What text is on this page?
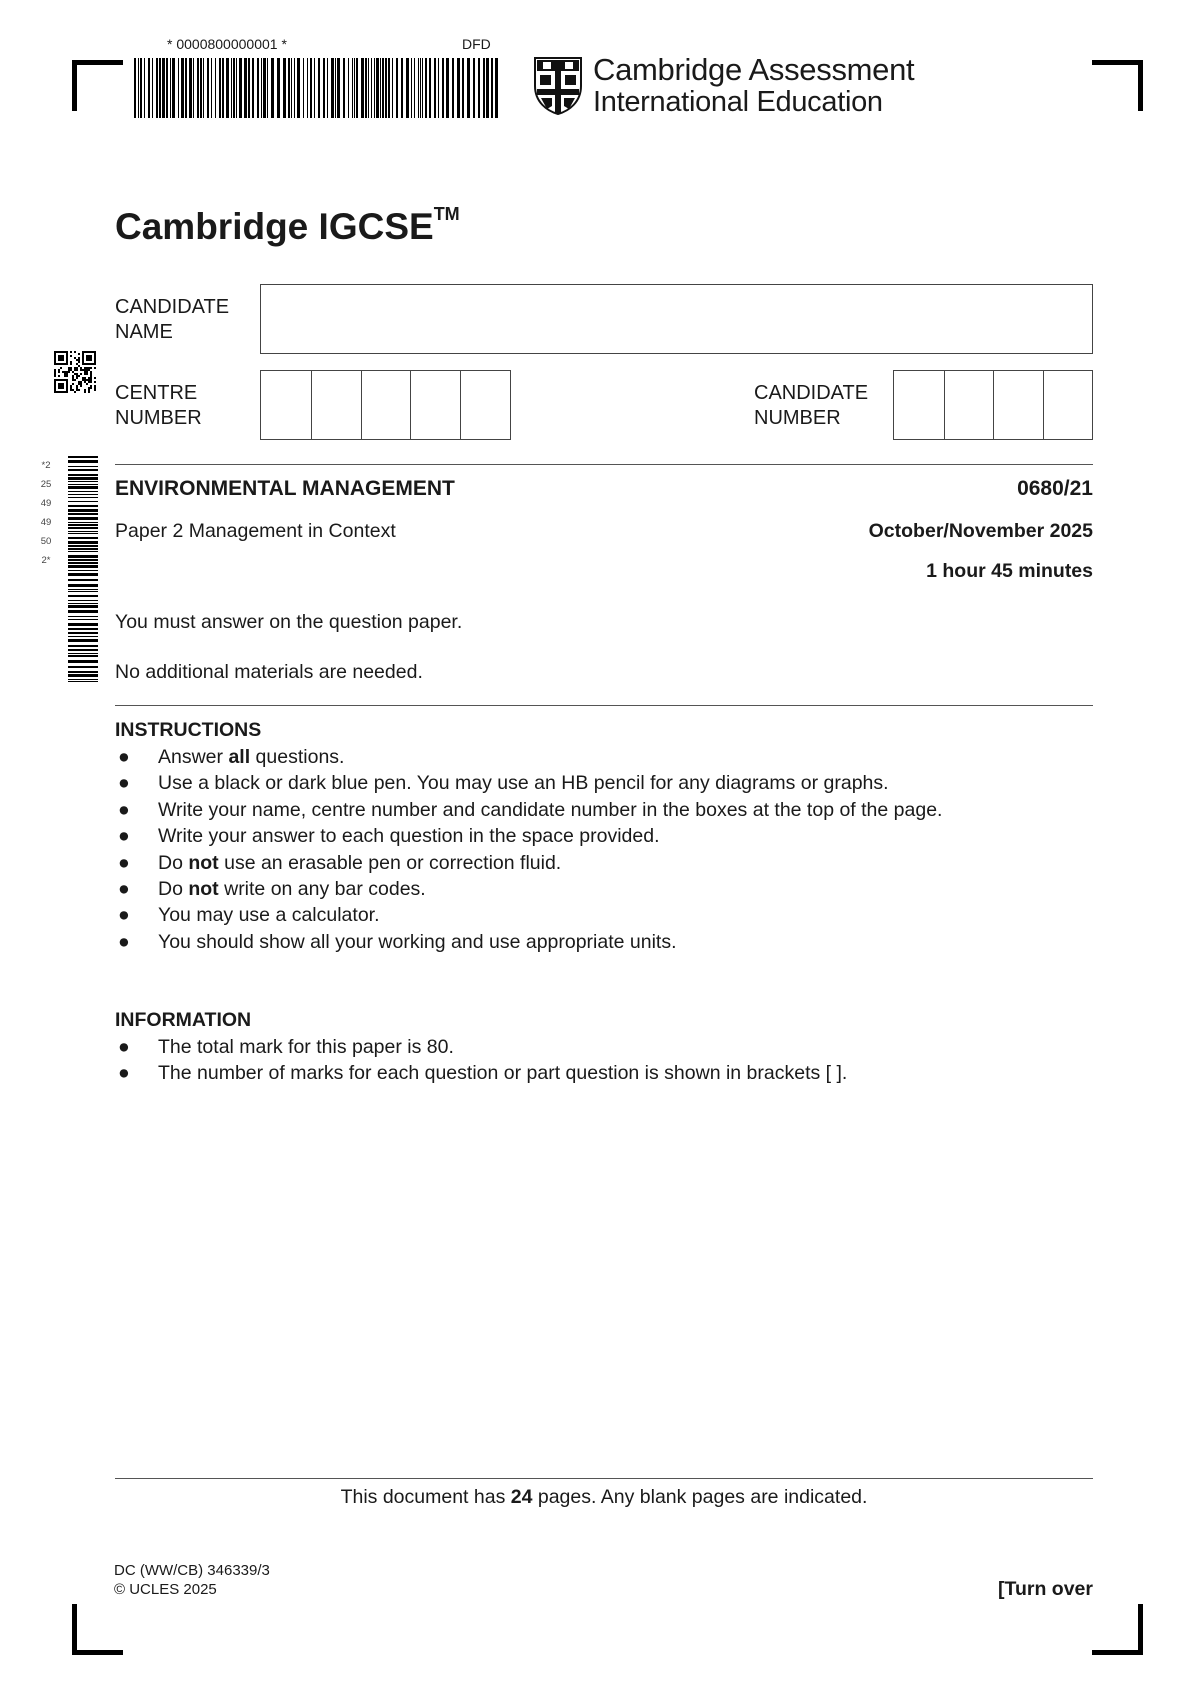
* 0000800000001 *	DFD
Cambridge Assessment
International Education
Cambridge IGCSE™
CANDIDATE
NAME
CENTRE
NUMBER
CANDIDATE
NUMBER
*2254949502*
ENVIRONMENTAL MANAGEMENT	0680/21
Paper 2 Management in Context	October/November 2025
1 hour 45 minutes
You must answer on the question paper.
No additional materials are needed.
INSTRUCTIONS
● Answer all questions.
● Use a black or dark blue pen. You may use an HB pencil for any diagrams or graphs.
● Write your name, centre number and candidate number in the boxes at the top of the page.
● Write your answer to each question in the space provided.
● Do not use an erasable pen or correction fluid.
● Do not write on any bar codes.
● You may use a calculator.
● You should show all your working and use appropriate units.
INFORMATION
● The total mark for this paper is 80.
● The number of marks for each question or part question is shown in brackets [ ].
This document has 24 pages. Any blank pages are indicated.
DC (WW/CB) 346339/3
© UCLES 2025	[Turn over
